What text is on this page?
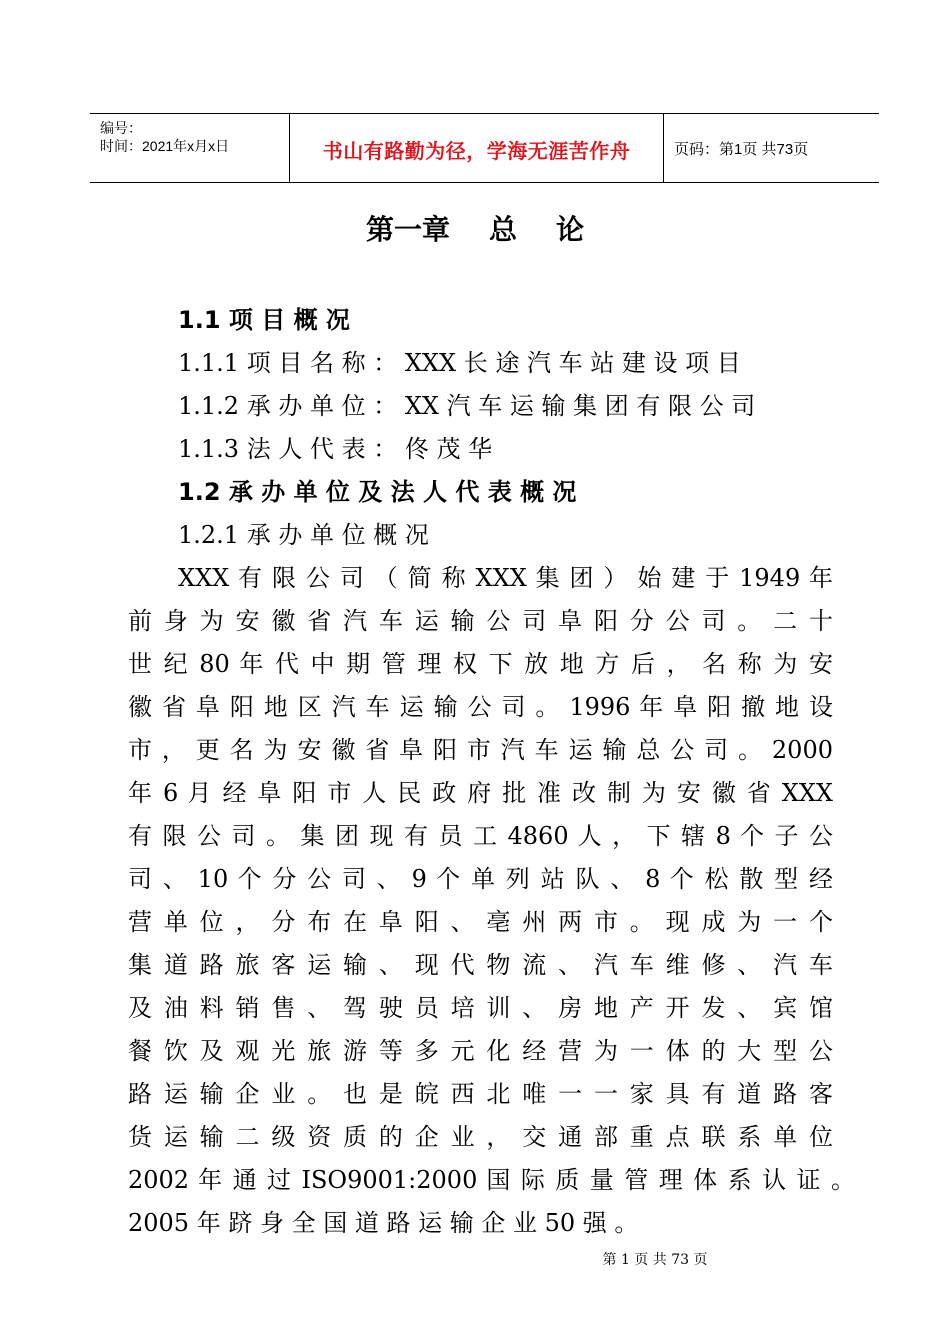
编号：
时间：2021年x月x日	书山有路勤为径，学海无涯苦作舟	页码：第1页 共73页
第一章    总    论
1.1 项 目 概 况
1.1.1 项 目 名 称 ： XXX 长 途 汽 车 站 建 设 项 目
1.1.2 承 办 单 位 ： XX 汽 车 运 输 集 团 有 限 公 司
1.1.3 法 人 代 表 ： 佟 茂 华
1.2 承 办 单 位 及 法 人 代 表 概 况
1.2.1 承 办 单 位 概 况
XXX 有 限 公 司 （ 简 称 XXX 集 团 ） 始 建 于 1949 年
前 身 为 安 徽 省 汽 车 运 输 公 司 阜 阳 分 公 司 。 二 十
世 纪 80 年 代 中 期 管 理 权 下 放 地 方 后 ， 名 称 为 安
徽 省 阜 阳 地 区 汽 车 运 输 公 司 。 1996 年 阜 阳 撤 地 设
市 ， 更 名 为 安 徽 省 阜 阳 市 汽 车 运 输 总 公 司 。 2000
年 6 月 经 阜 阳 市 人 民 政 府 批 准 改 制 为 安 徽 省 XXX
有 限 公 司 。 集 团 现 有 员 工 4860 人 ， 下 辖 8 个 子 公
司 、 10 个 分 公 司 、 9 个 单 列 站 队 、 8 个 松 散 型 经
营 单 位 ， 分 布 在 阜 阳 、 亳 州 两 市 。 现 成 为 一 个
集 道 路 旅 客 运 输 、 现 代 物 流 、 汽 车 维 修 、 汽 车
及 油 料 销 售 、 驾 驶 员 培 训 、 房 地 产 开 发 、 宾 馆
餐 饮 及 观 光 旅 游 等 多 元 化 经 营 为 一 体 的 大 型 公
路 运 输 企 业 。 也 是 皖 西 北 唯 一 一 家 具 有 道 路 客
货 运 输 二 级 资 质 的 企 业 ， 交 通 部 重 点 联 系 单 位
2002 年 通 过 ISO9001:2000 国 际 质 量 管 理 体 系 认 证 。
2005 年 跻 身 全 国 道 路 运 输 企 业 50 强 。
第 1 页 共 73 页
